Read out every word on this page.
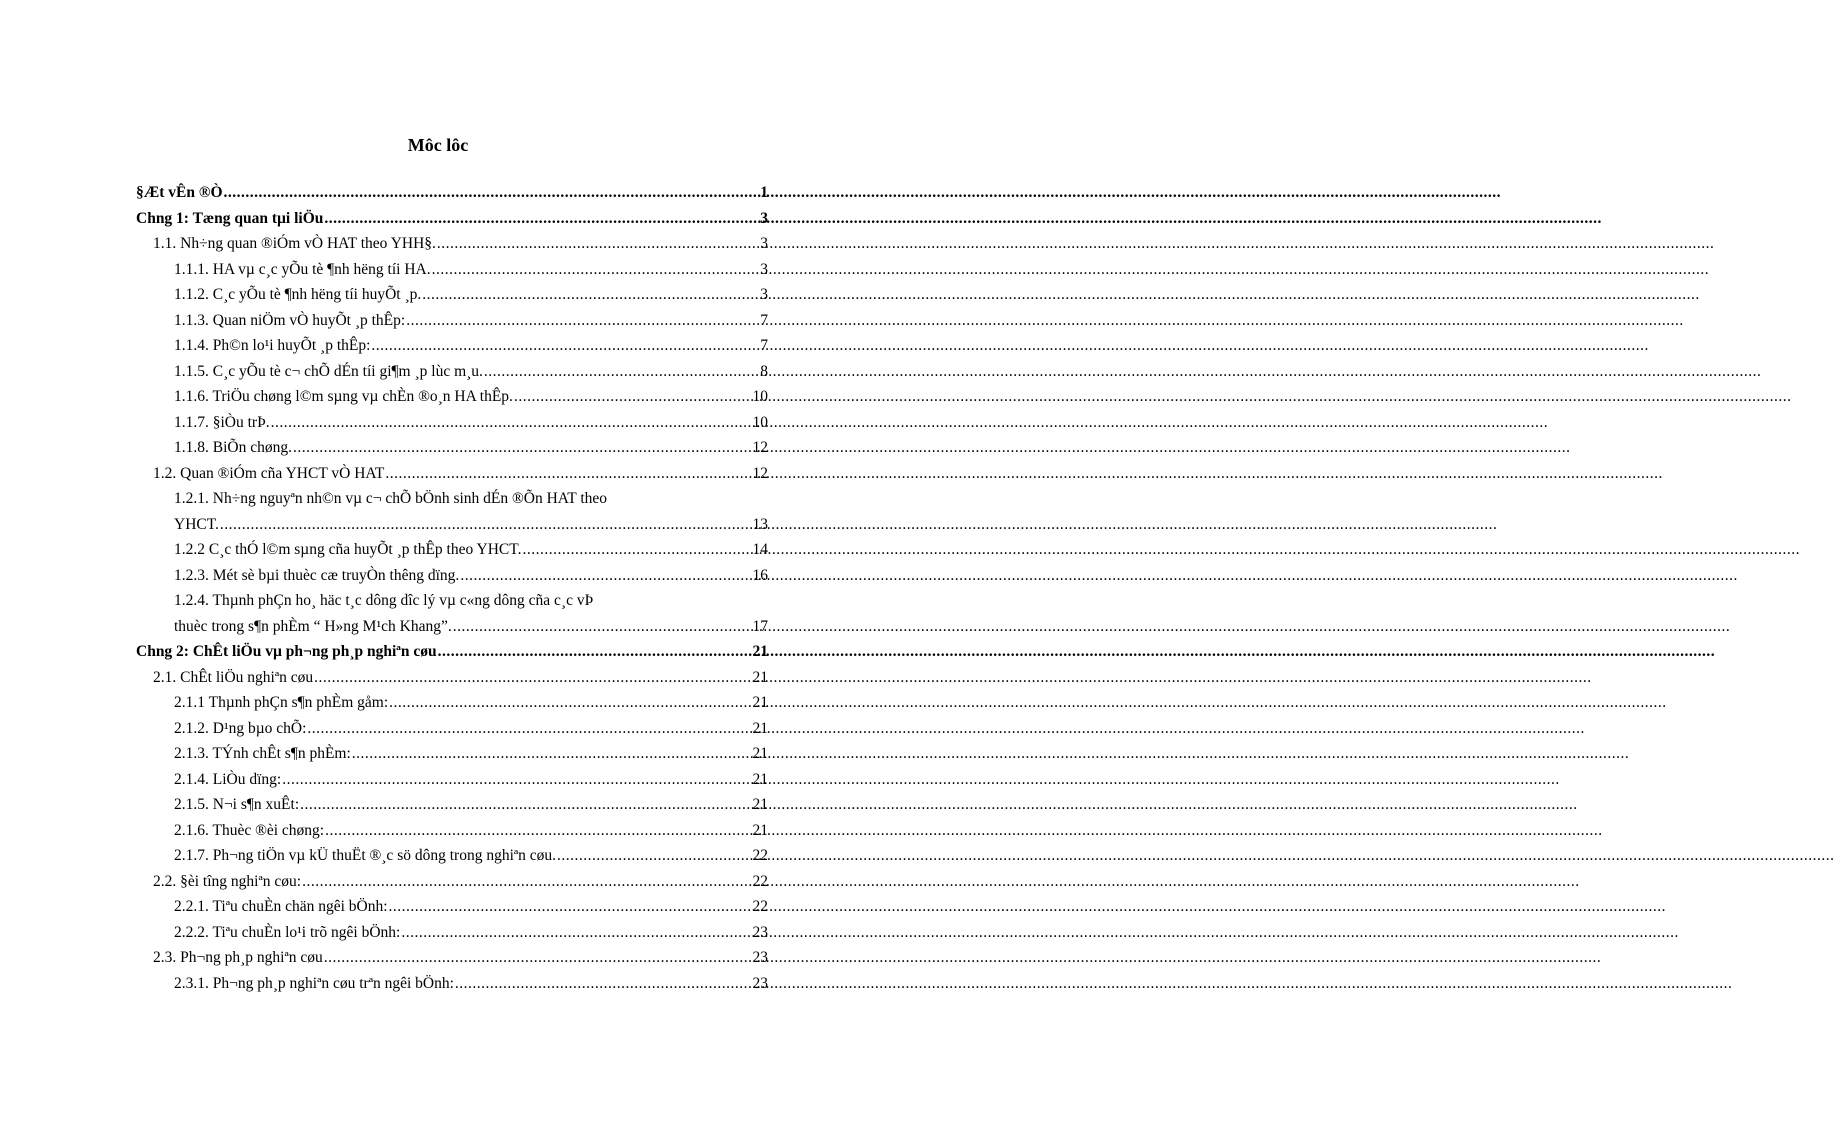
Môc lôc
§Æt vÊn ®Ò .....	1
Chng 1: Tæng quan tµi liÖu .....	3
1.1. Nh÷ng quan ®iÓm vÒ HAT theo YHH§. .....	3
1.1.1. HA vµ c¸c yÕu tè ¶nh hëng tíi HA. .....	3
1.1.2. C¸c yÕu tè ¶nh hëng tíi huyÕt ¸p. .....	3
1.1.3. Quan niÖm vÒ huyÕt ¸p thÊp: .....	7
1.1.4. Ph©n lo¹i huyÕt ¸p thÊp: .....	7
1.1.5. C¸c yÕu tè c¬ chÕ dÉn tíi gi¶m ¸p lùc m¸u. .....	8
1.1.6. TriÖu chøng l©m sµng vµ chÈn ®o¸n HA thÊp. .....	10
1.1.7. §iÒu trÞ. .....	10
1.1.8. BiÕn chøng. .....	12
1.2. Quan ®iÓm cña YHCT vÒ HAT .....	12
1.2.1. Nh÷ng nguyªn nh©n vµ c¬ chÕ bÖnh sinh dÉn ®Õn HAT theo
YHCT. .....	13
1.2.2 C¸c thÓ l©m sµng cña huyÕt ¸p thÊp theo YHCT. .....	14
1.2.3. Mét sè bµi thuèc cæ truyÒn thêng dïng. .....	16
1.2.4. Thµnh phÇn ho¸ häc t¸c dông dîc lý vµ c«ng dông cña c¸c vÞ
thuèc trong s¶n phÈm “ H»ng M¹ch Khang”. .....	17
Chng 2: ChÊt liÖu vµ ph¬ng ph¸p nghiªn cøu .....	21
2.1. ChÊt liÖu nghiªn cøu .....	21
2.1.1 Thµnh phÇn s¶n phÈm gåm: .....	21
2.1.2. D¹ng bµo chÕ: .....	21
2.1.3. TÝnh chÊt s¶n phÈm: .....	21
2.1.4. LiÒu dïng: .....	21
2.1.5. N¬i s¶n xuÊt: .....	21
2.1.6. Thuèc ®èi chøng: .....	21
2.1.7. Ph¬ng tiÖn vµ kÜ thuËt ®¸c sö dông trong nghiªn cøu. .....	22
2.2. §èi tîng nghiªn cøu: .....	22
2.2.1. Tiªu chuÈn chän ngêi bÖnh: .....	22
2.2.2. Tiªu chuÈn lo¹i trõ ngêi bÖnh: .....	23
2.3. Ph¬ng ph¸p nghiªn cøu .....	23
2.3.1. Ph¬ng ph¸p nghiªn cøu trªn ngêi bÖnh: .....	23
